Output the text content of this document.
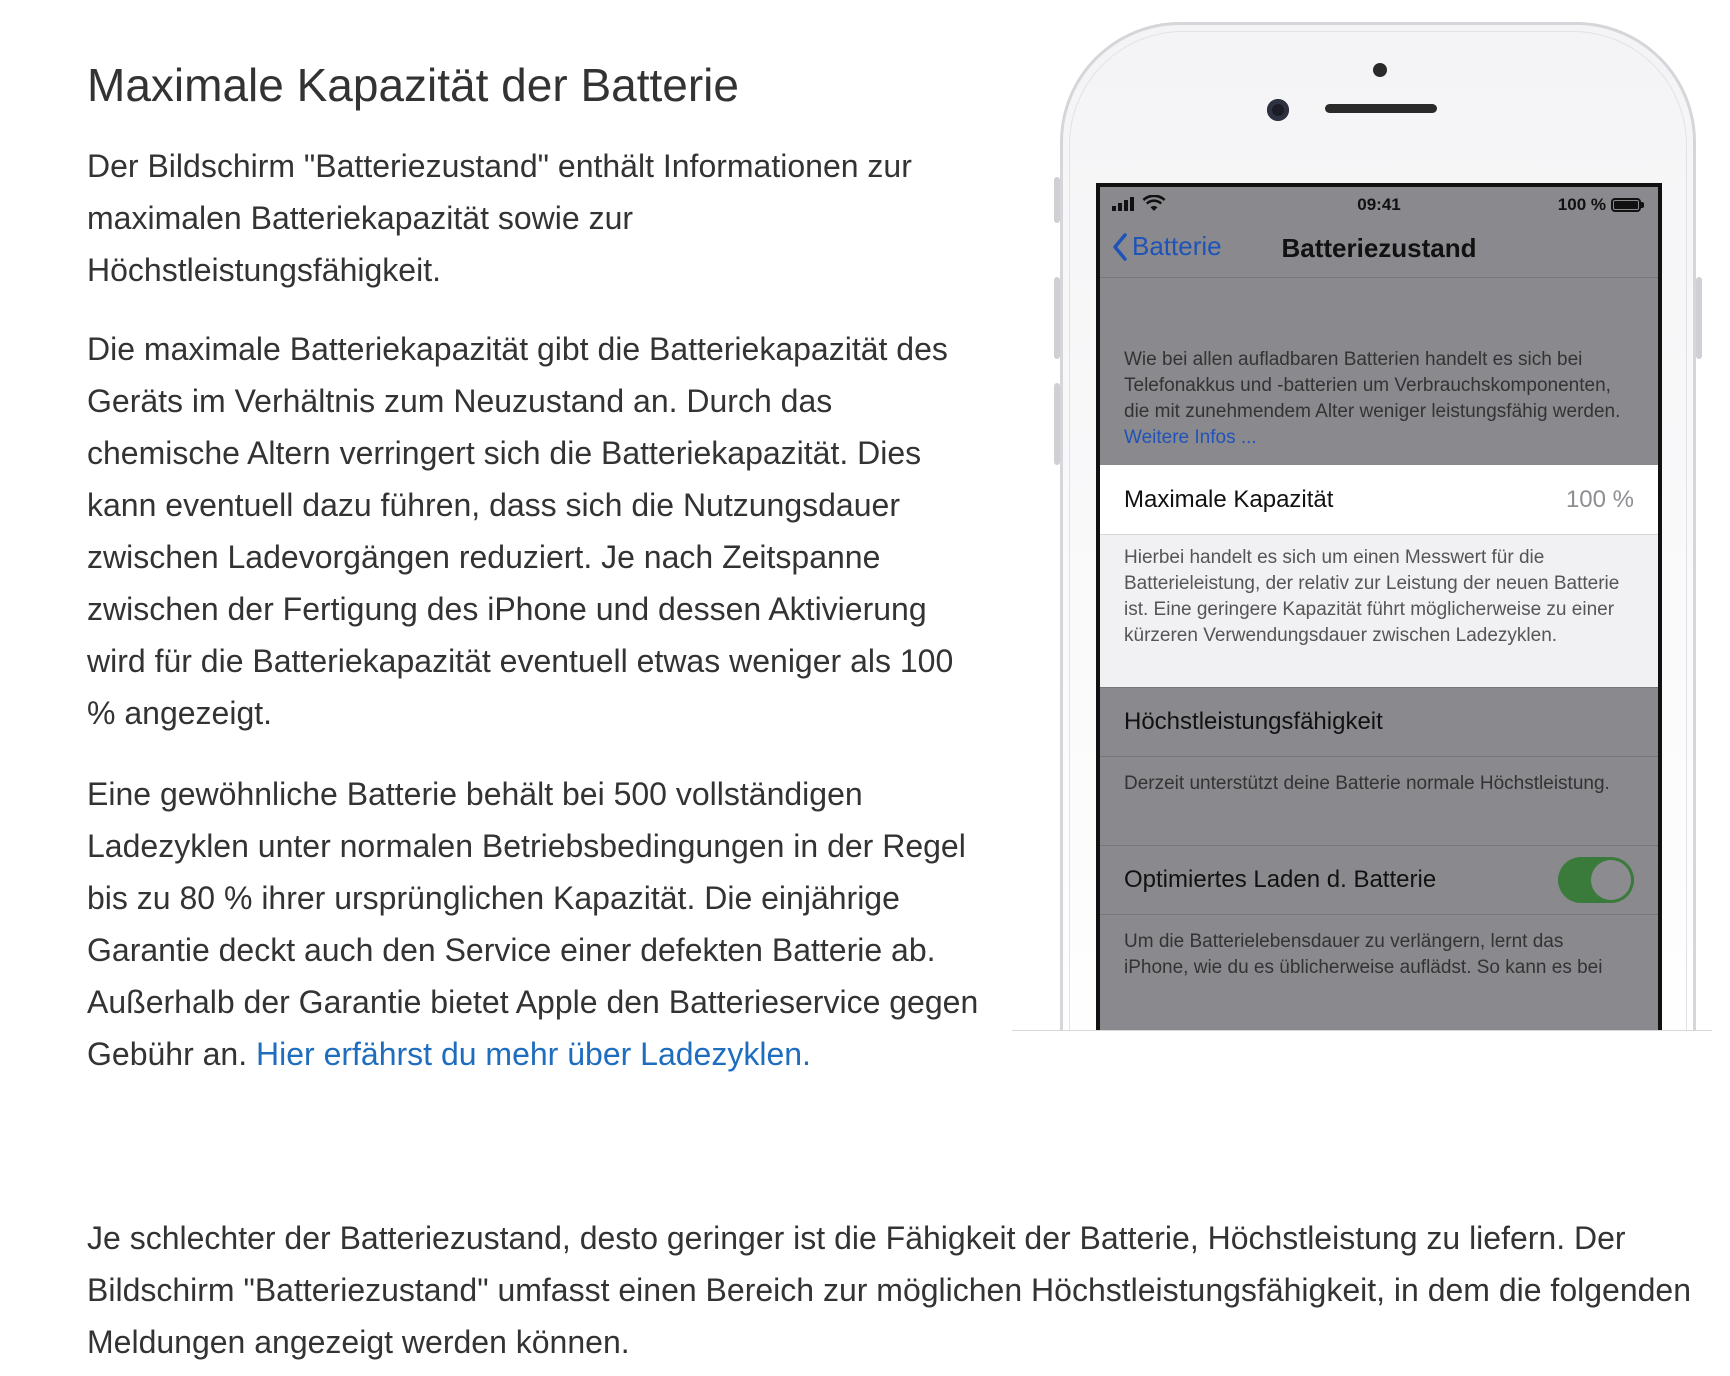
Maximale Kapazität der Batterie

Der Bildschirm "Batteriezustand" enthält Informationen zur maximalen Batteriekapazität sowie zur Höchstleistungsfähigkeit.

Die maximale Batteriekapazität gibt die Batteriekapazität des Geräts im Verhältnis zum Neuzustand an. Durch das chemische Altern verringert sich die Batteriekapazität. Dies kann eventuell dazu führen, dass sich die Nutzungsdauer zwischen Ladevorgängen reduziert. Je nach Zeitspanne zwischen der Fertigung des iPhone und dessen Aktivierung wird für die Batteriekapazität eventuell etwas weniger als 100 % angezeigt.

Eine gewöhnliche Batterie behält bei 500 vollständigen Ladezyklen unter normalen Betriebsbedingungen in der Regel bis zu 80 % ihrer ursprünglichen Kapazität. Die einjährige Garantie deckt auch den Service einer defekten Batterie ab. Außerhalb der Garantie bietet Apple den Batterieservice gegen Gebühr an. Hier erfährst du mehr über Ladezyklen.

Je schlechter der Batteriezustand, desto geringer ist die Fähigkeit der Batterie, Höchstleistung zu liefern. Der Bildschirm "Batteriezustand" umfasst einen Bereich zur möglichen Höchstleistungsfähigkeit, in dem die folgenden Meldungen angezeigt werden können.

09:41	100 %
Batterie	Batteriezustand
Wie bei allen aufladbaren Batterien handelt es sich bei Telefonakkus und -batterien um Verbrauchskomponenten, die mit zunehmendem Alter weniger leistungsfähig werden. Weitere Infos ...
Maximale Kapazität	100 %
Hierbei handelt es sich um einen Messwert für die Batterieleistung, der relativ zur Leistung der neuen Batterie ist. Eine geringere Kapazität führt möglicherweise zu einer kürzeren Verwendungsdauer zwischen Ladezyklen.
Höchstleistungsfähigkeit
Derzeit unterstützt deine Batterie normale Höchstleistung.
Optimiertes Laden d. Batterie
Um die Batterielebensdauer zu verlängern, lernt das iPhone, wie du es üblicherweise auflädst. So kann es bei
